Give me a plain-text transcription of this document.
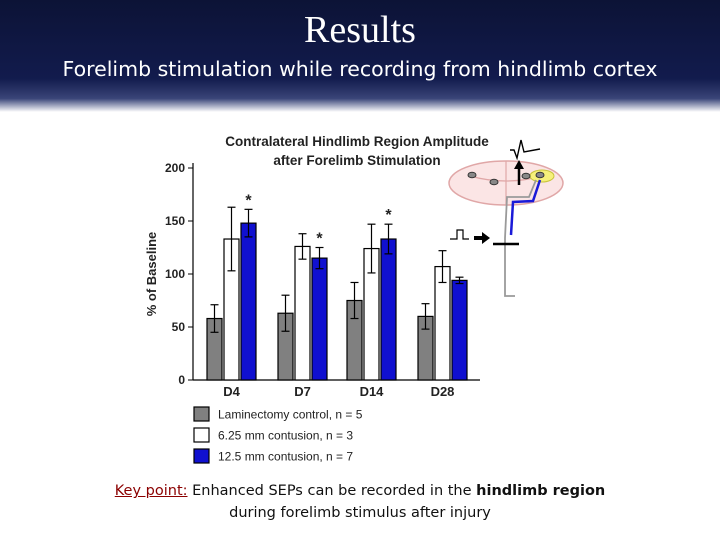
Results
Forelimb stimulation while recording from hindlimb cortex
Contralateral Hindlimb Region Amplitude
after Forelimb Stimulation
0
50
100
150
200
% of Baseline
D4	D7	D14	D28
*
*
*
Laminectomy control, n = 5
6.25 mm contusion, n = 3
12.5 mm contusion, n = 7
Key point: Enhanced SEPs can be recorded in the hindlimb region
during forelimb stimulus after injury
